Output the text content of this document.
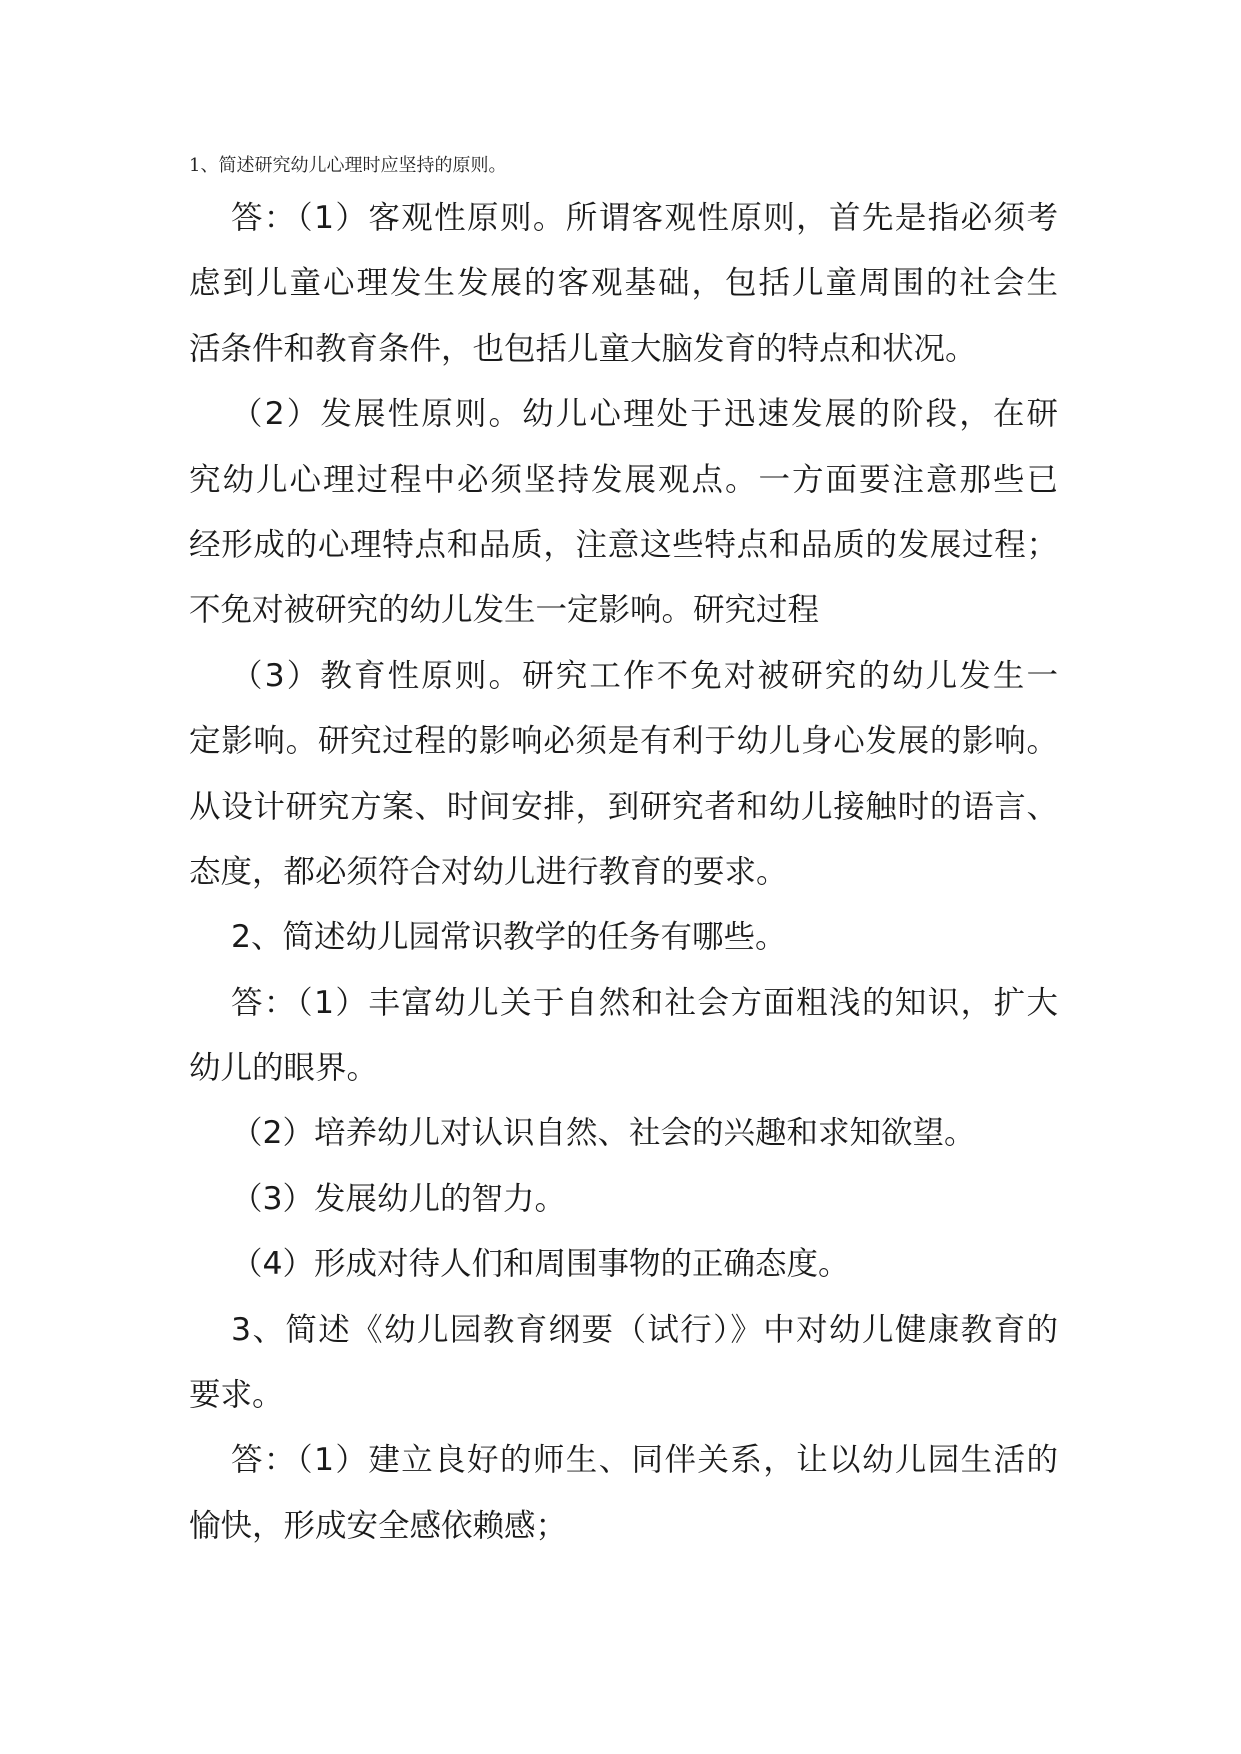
1、简述研究幼儿心理时应坚持的原则。
答：（1）客观性原则。所谓客观性原则，首先是指必须考
虑到儿童心理发生发展的客观基础，包括儿童周围的社会生
活条件和教育条件，也包括儿童大脑发育的特点和状况。
（2）发展性原则。幼儿心理处于迅速发展的阶段，在研
究幼儿心理过程中必须坚持发展观点。一方面要注意那些已
经形成的心理特点和品质，注意这些特点和品质的发展过程；
不免对被研究的幼儿发生一定影响。研究过程
（3）教育性原则。研究工作不免对被研究的幼儿发生一
定影响。研究过程的影响必须是有利于幼儿身心发展的影响。
从设计研究方案、时间安排，到研究者和幼儿接触时的语言、
态度，都必须符合对幼儿进行教育的要求。
2、简述幼儿园常识教学的任务有哪些。
答：（1）丰富幼儿关于自然和社会方面粗浅的知识，扩大
幼儿的眼界。
（2）培养幼儿对认识自然、社会的兴趣和求知欲望。
（3）发展幼儿的智力。
（4）形成对待人们和周围事物的正确态度。
3、简述《幼儿园教育纲要（试行）》中对幼儿健康教育的
要求。
答：（1）建立良好的师生、同伴关系，让以幼儿园生活的
愉快，形成安全感依赖感；
